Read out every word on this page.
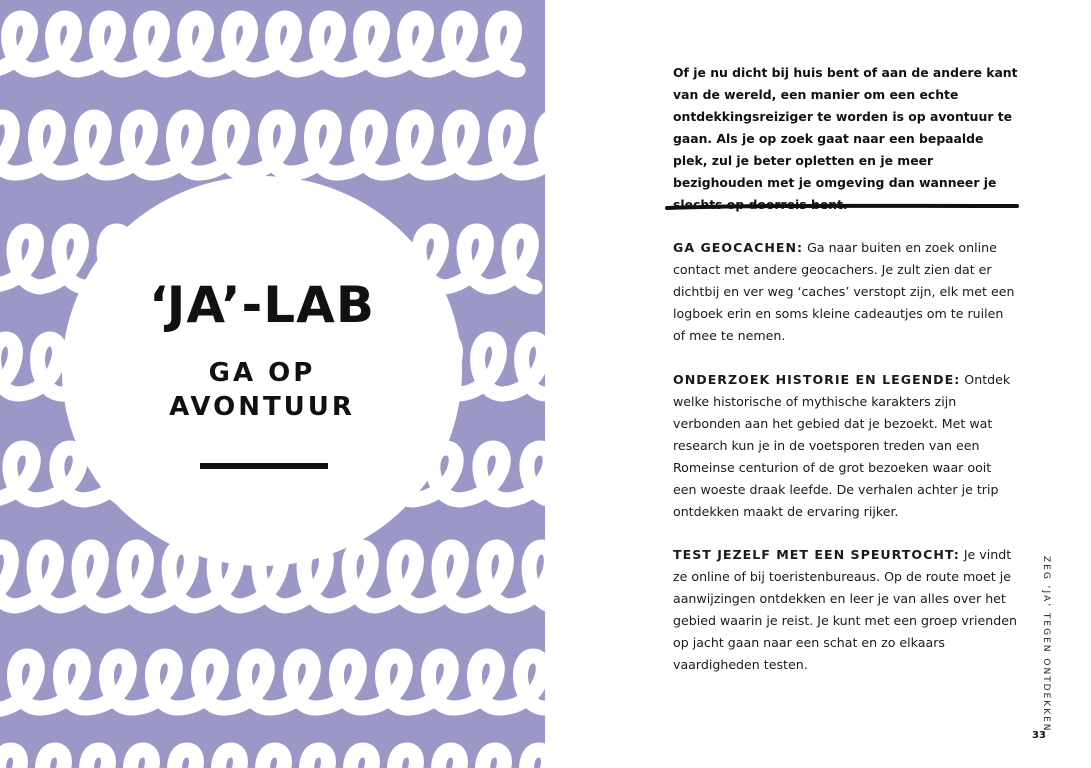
‘JA’-LAB
GA OP
AVONTUUR
Of je nu dicht bij huis bent of aan de andere kant van de wereld, een manier om een echte ontdekkingsreiziger te worden is op avontuur te gaan. Als je op zoek gaat naar een bepaalde plek, zul je beter opletten en je meer bezighouden met je omgeving dan wanneer je slechts op doorreis bent.
GA GEOCACHEN: Ga naar buiten en zoek online contact met andere geocachers. Je zult zien dat er dichtbij en ver weg ‘caches’ verstopt zijn, elk met een logboek erin en soms kleine cadeautjes om te ruilen of mee te nemen.
ONDERZOEK HISTORIE EN LEGENDE: Ontdek welke historische of mythische karakters zijn verbonden aan het gebied dat je bezoekt. Met wat research kun je in de voetsporen treden van een Romeinse centurion of de grot bezoeken waar ooit een woeste draak leefde. De verhalen achter je trip ontdekken maakt de ervaring rijker.
TEST JEZELF MET EEN SPEURTOCHT: Je vindt ze online of bij toeristenbureaus. Op de route moet je aanwijzingen ontdekken en leer je van alles over het gebied waarin je reist. Je kunt met een groep vrienden op jacht gaan naar een schat en zo elkaars vaardigheden testen.	ZEG ‘JA’ TEGEN ONTDEKKEN
33
